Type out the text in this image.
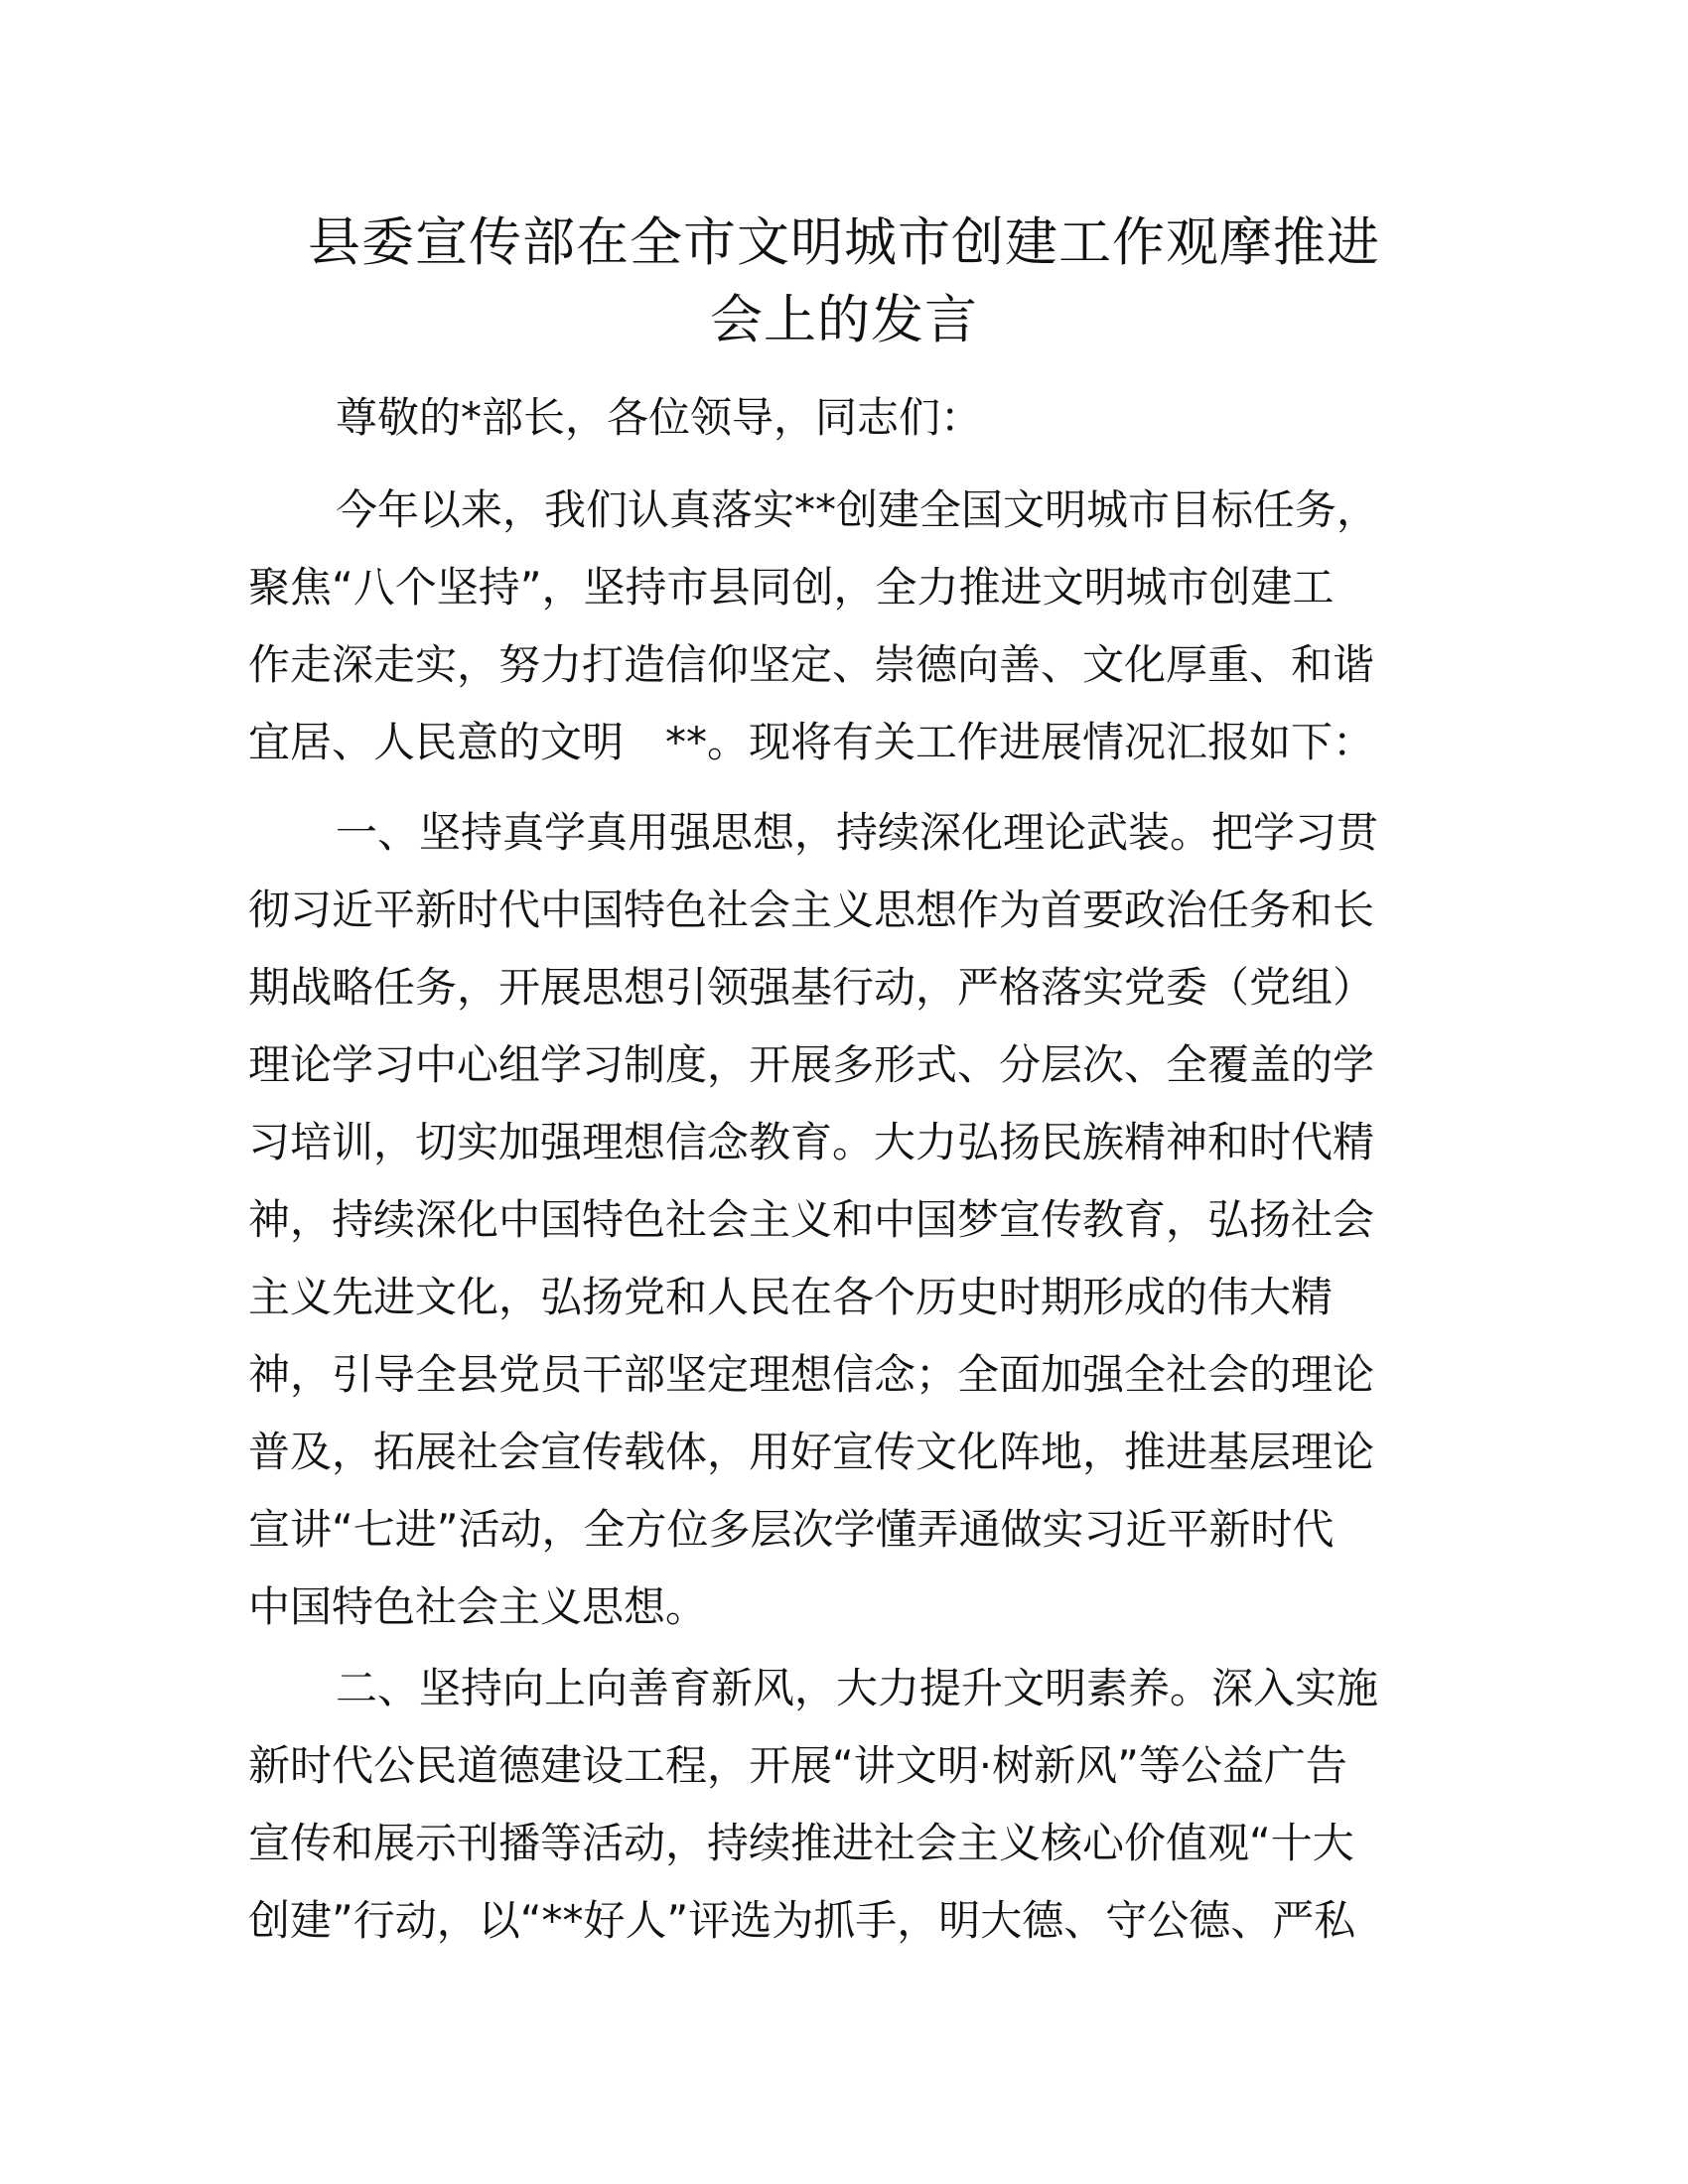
县委宣传部在全市文明城市创建工作观摩推进
会上的发言

尊敬的*部长，各位领导，同志们：

今年以来，我们认真落实**创建全国文明城市目标任务，
聚焦“八个坚持”，坚持市县同创，全力推进文明城市创建工
作走深走实，努力打造信仰坚定、崇德向善、文化厚重、和谐
宜居、人民意的文明　**。现将有关工作进展情况汇报如下：

一、坚持真学真用强思想，持续深化理论武装。把学习贯
彻习近平新时代中国特色社会主义思想作为首要政治任务和长
期战略任务，开展思想引领强基行动，严格落实党委（党组）
理论学习中心组学习制度，开展多形式、分层次、全覆盖的学
习培训，切实加强理想信念教育。大力弘扬民族精神和时代精
神，持续深化中国特色社会主义和中国梦宣传教育，弘扬社会
主义先进文化，弘扬党和人民在各个历史时期形成的伟大精
神，引导全县党员干部坚定理想信念；全面加强全社会的理论
普及，拓展社会宣传载体，用好宣传文化阵地，推进基层理论
宣讲“七进”活动，全方位多层次学懂弄通做实习近平新时代
中国特色社会主义思想。

二、坚持向上向善育新风，大力提升文明素养。深入实施
新时代公民道德建设工程，开展“讲文明·树新风”等公益广告
宣传和展示刊播等活动，持续推进社会主义核心价值观“十大
创建”行动，以“**好人”评选为抓手，明大德、守公德、严私
